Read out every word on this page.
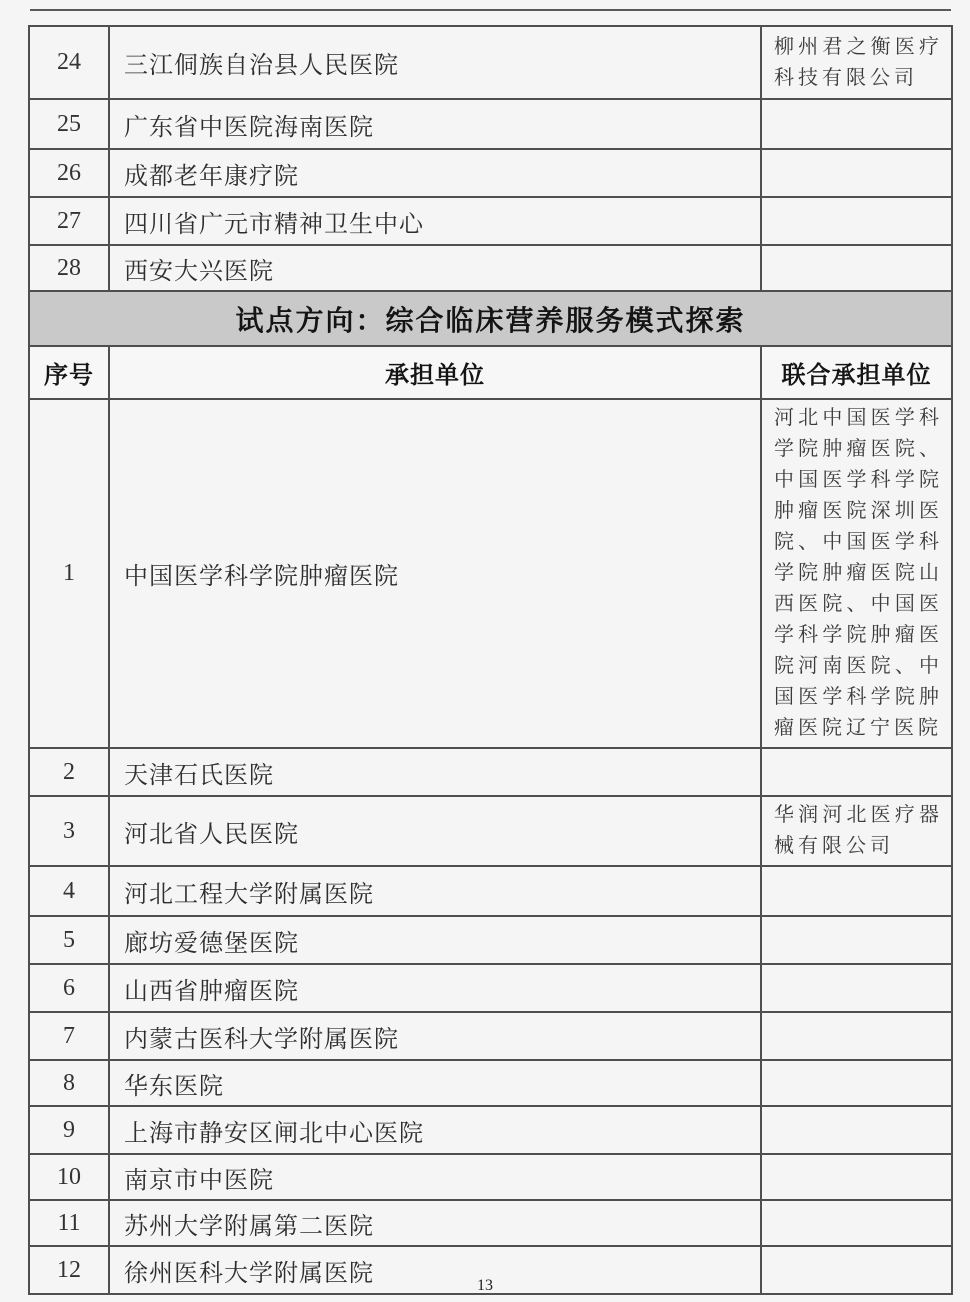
24	三江侗族自治县人民医院	柳州君之衡医疗科技有限公司
25	广东省中医院海南医院	
26	成都老年康疗院	
27	四川省广元市精神卫生中心	
28	西安大兴医院	
试点方向：综合临床营养服务模式探索		
序号	承担单位	联合承担单位
1	中国医学科学院肿瘤医院	河北中国医学科学院肿瘤医院、中国医学科学院肿瘤医院深圳医院、中国医学科学院肿瘤医院山西医院、中国医学科学院肿瘤医院河南医院、中国医学科学院肿瘤医院辽宁医院
2	天津石氏医院	
3	河北省人民医院	华润河北医疗器械有限公司
4	河北工程大学附属医院	
5	廊坊爱德堡医院	
6	山西省肿瘤医院	
7	内蒙古医科大学附属医院	
8	华东医院	
9	上海市静安区闸北中心医院	
10	南京市中医院	
11	苏州大学附属第二医院	
12	徐州医科大学附属医院		13
